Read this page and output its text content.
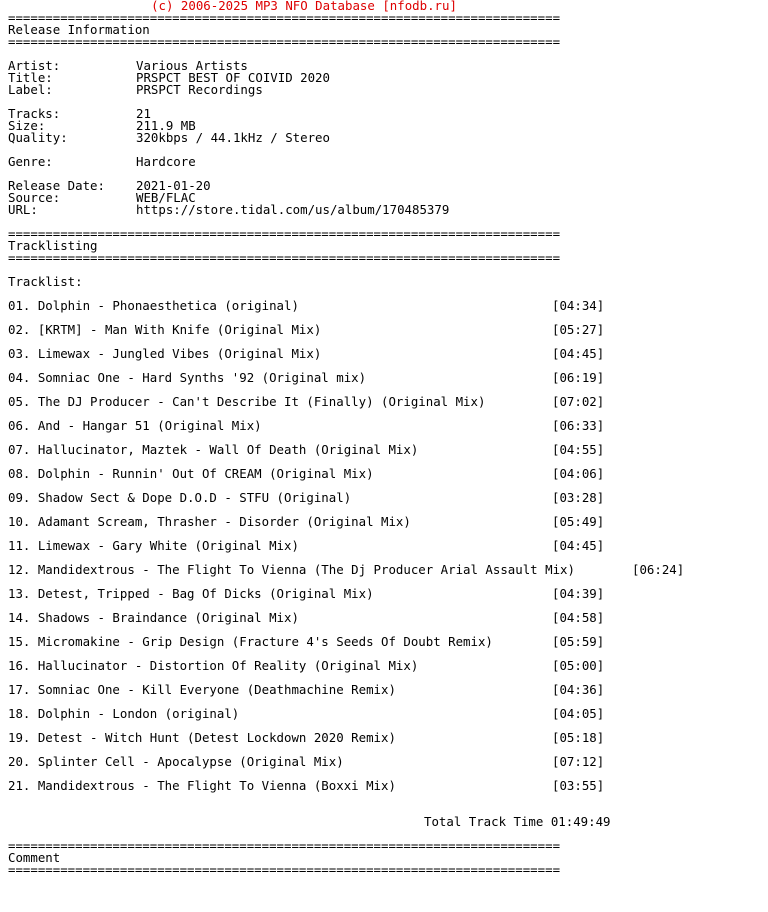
(c) 2006-2025 MP3 NFO Database [nfodb.ru]
==========================================================================
Release Information
==========================================================================
Artist:	Various Artists
Title:	PRSPCT BEST OF COIVID 2020
Label:	PRSPCT Recordings
Tracks:	21
Size:	211.9 MB
Quality:	320kbps / 44.1kHz / Stereo
Genre:	Hardcore
Release Date:	2021-01-20
Source:	WEB/FLAC
URL:	https://store.tidal.com/us/album/170485379
==========================================================================
Tracklisting
==========================================================================
Tracklist:
01. Dolphin - Phonaesthetica (original)	[04:34]
02. [KRTM] - Man With Knife (Original Mix)	[05:27]
03. Limewax - Jungled Vibes (Original Mix)	[04:45]
04. Somniac One - Hard Synths '92 (Original mix)	[06:19]
05. The DJ Producer - Can't Describe It (Finally) (Original Mix)	[07:02]
06. And - Hangar 51 (Original Mix)	[06:33]
07. Hallucinator, Maztek - Wall Of Death (Original Mix)	[04:55]
08. Dolphin - Runnin' Out Of CREAM (Original Mix)	[04:06]
09. Shadow Sect & Dope D.O.D - STFU (Original)	[03:28]
10. Adamant Scream, Thrasher - Disorder (Original Mix)	[05:49]
11. Limewax - Gary White (Original Mix)	[04:45]
12. Mandidextrous - The Flight To Vienna (The Dj Producer Arial Assault Mix)	[06:24]
13. Detest, Tripped - Bag Of Dicks (Original Mix)	[04:39]
14. Shadows - Braindance (Original Mix)	[04:58]
15. Micromakine - Grip Design (Fracture 4's Seeds Of Doubt Remix)	[05:59]
16. Hallucinator - Distortion Of Reality (Original Mix)	[05:00]
17. Somniac One - Kill Everyone (Deathmachine Remix)	[04:36]
18. Dolphin - London (original)	[04:05]
19. Detest - Witch Hunt (Detest Lockdown 2020 Remix)	[05:18]
20. Splinter Cell - Apocalypse (Original Mix)	[07:12]
21. Mandidextrous - The Flight To Vienna (Boxxi Mix)	[03:55]
Total Track Time 01:49:49
==========================================================================
Comment
==========================================================================
